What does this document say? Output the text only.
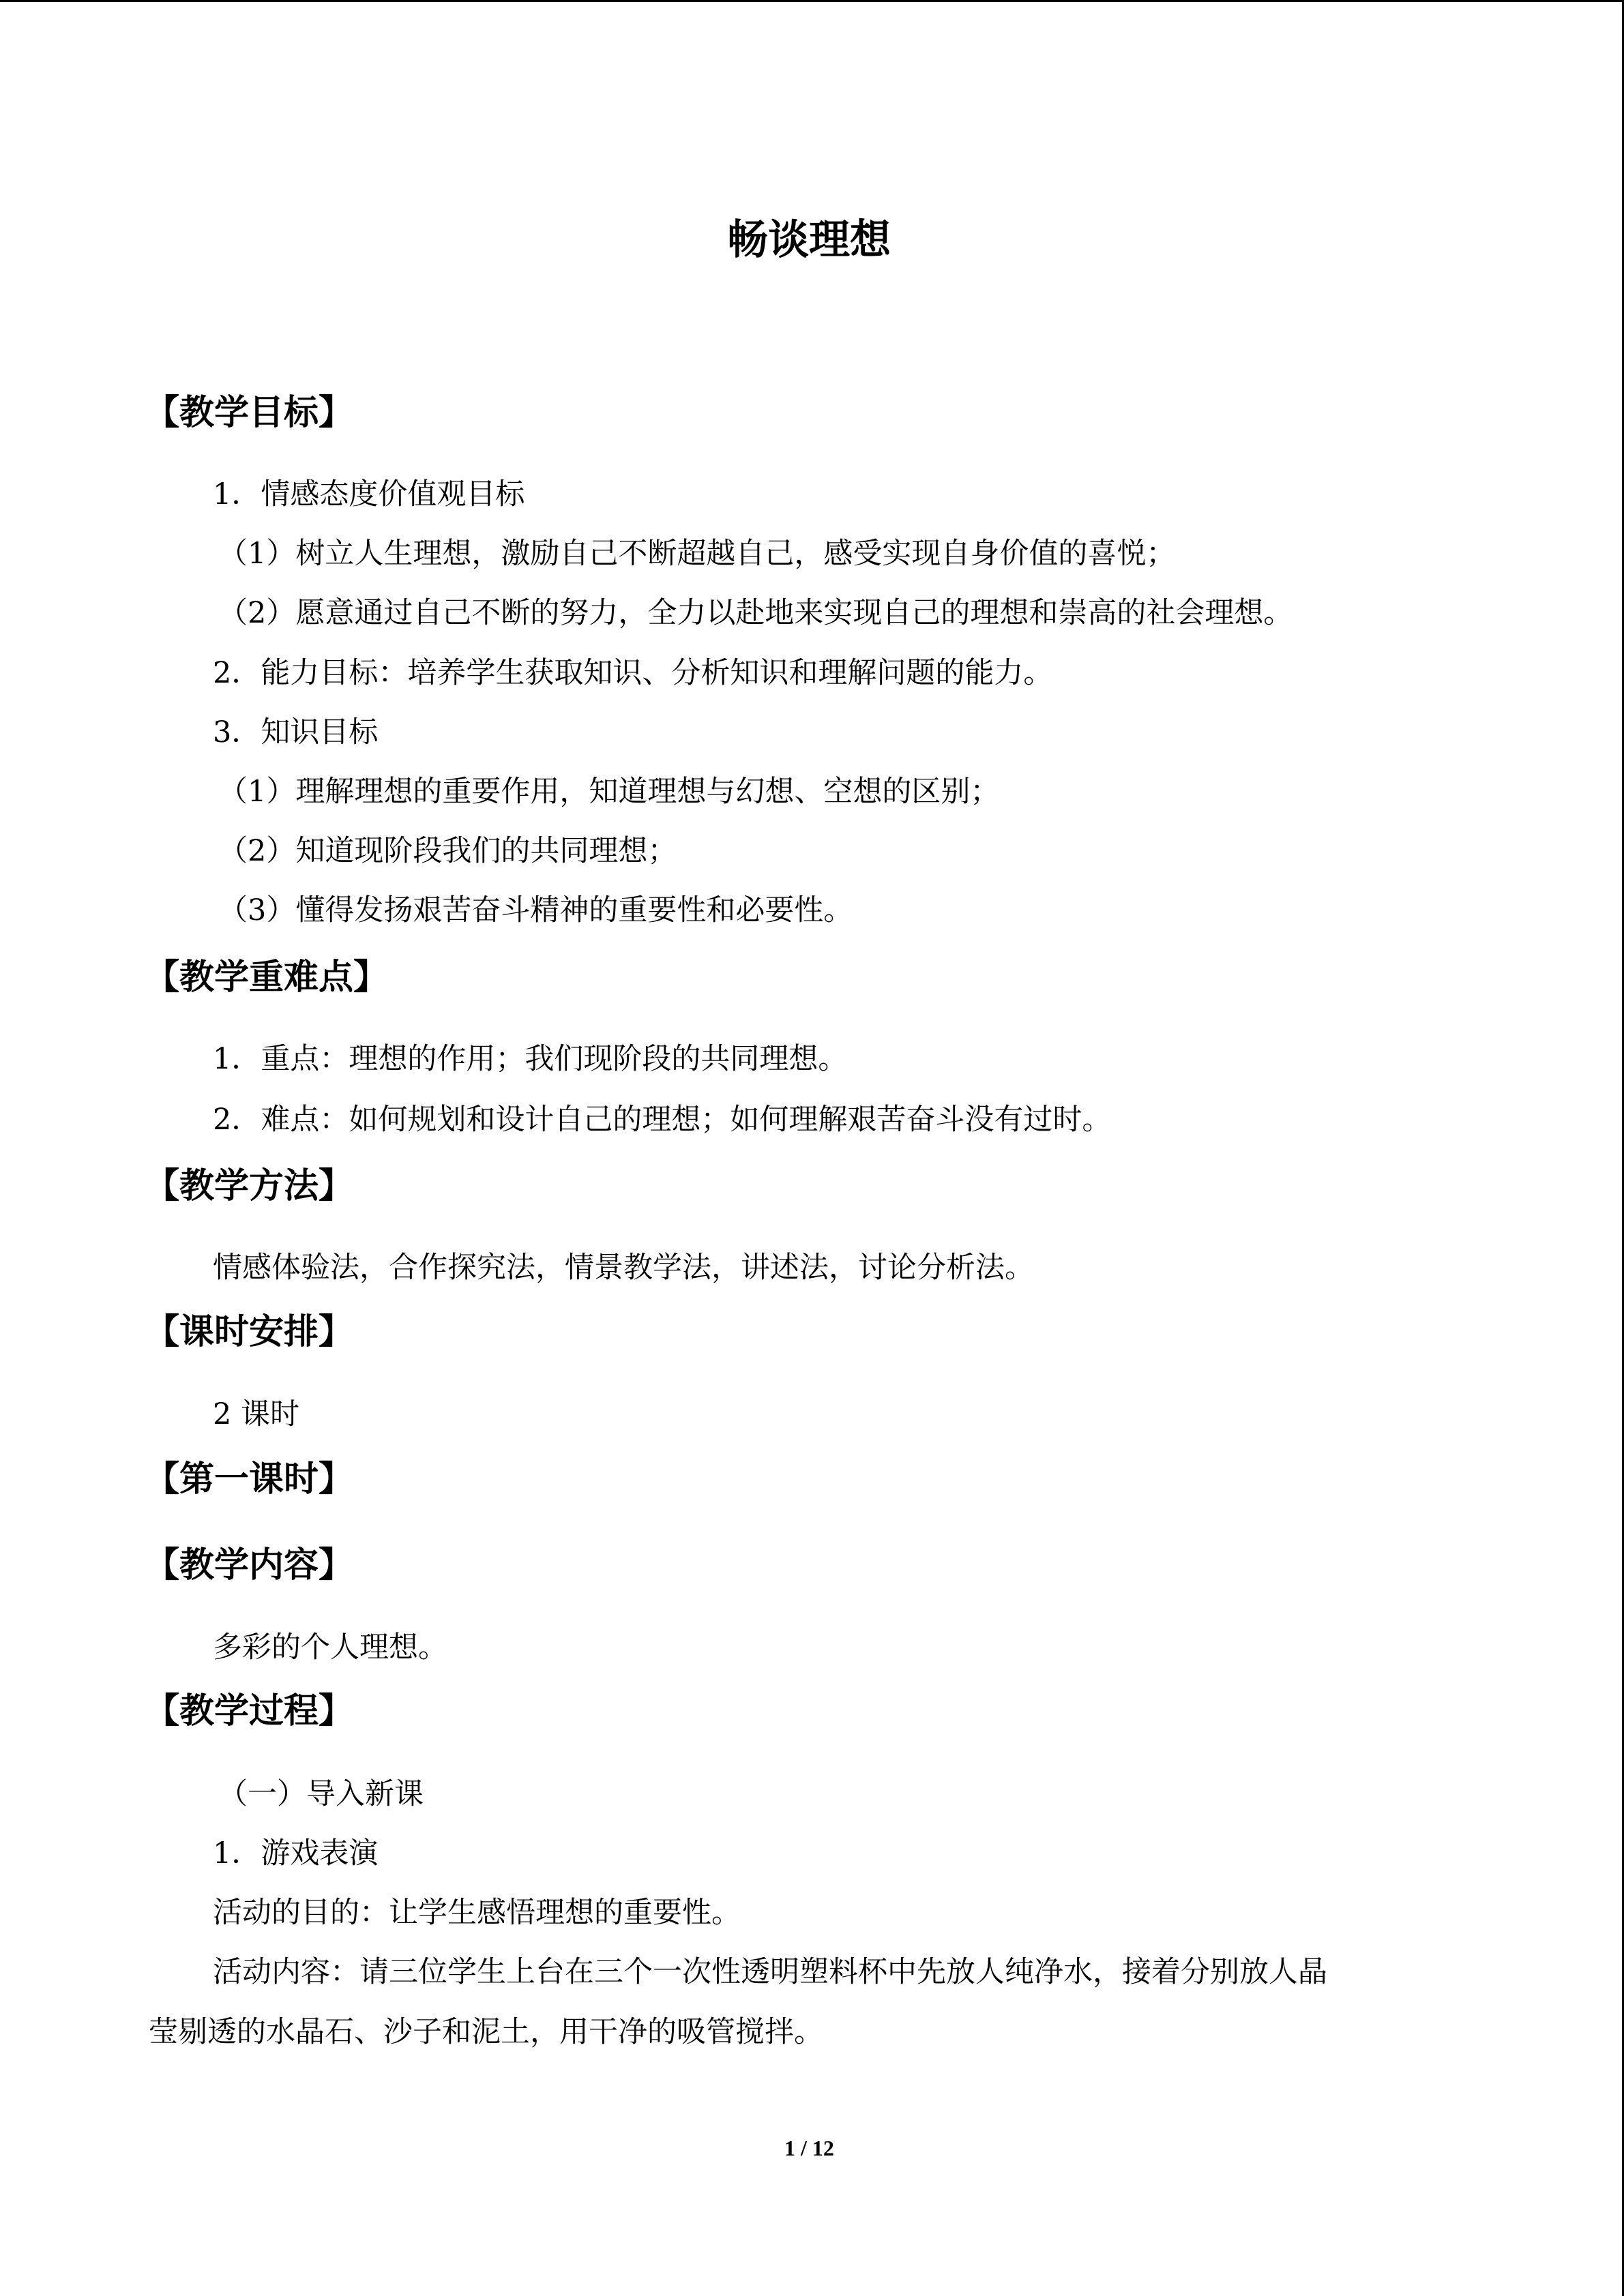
畅谈理想
【教学目标】
1．情感态度价值观目标
（1）树立人生理想，激励自己不断超越自己，感受实现自身价值的喜悦；
（2）愿意通过自己不断的努力，全力以赴地来实现自己的理想和崇高的社会理想。
2．能力目标：培养学生获取知识、分析知识和理解问题的能力。
3．知识目标
（1）理解理想的重要作用，知道理想与幻想、空想的区别；
（2）知道现阶段我们的共同理想；
（3）懂得发扬艰苦奋斗精神的重要性和必要性。
【教学重难点】
1．重点：理想的作用；我们现阶段的共同理想。
2．难点：如何规划和设计自己的理想；如何理解艰苦奋斗没有过时。
【教学方法】
情感体验法，合作探究法，情景教学法，讲述法，讨论分析法。
【课时安排】
2 课时
【第一课时】
【教学内容】
多彩的个人理想。
【教学过程】
（一）导入新课
1．游戏表演
活动的目的：让学生感悟理想的重要性。
活动内容：请三位学生上台在三个一次性透明塑料杯中先放人纯净水，接着分别放人晶
莹剔透的水晶石、沙子和泥土，用干净的吸管搅拌。
1 / 12
